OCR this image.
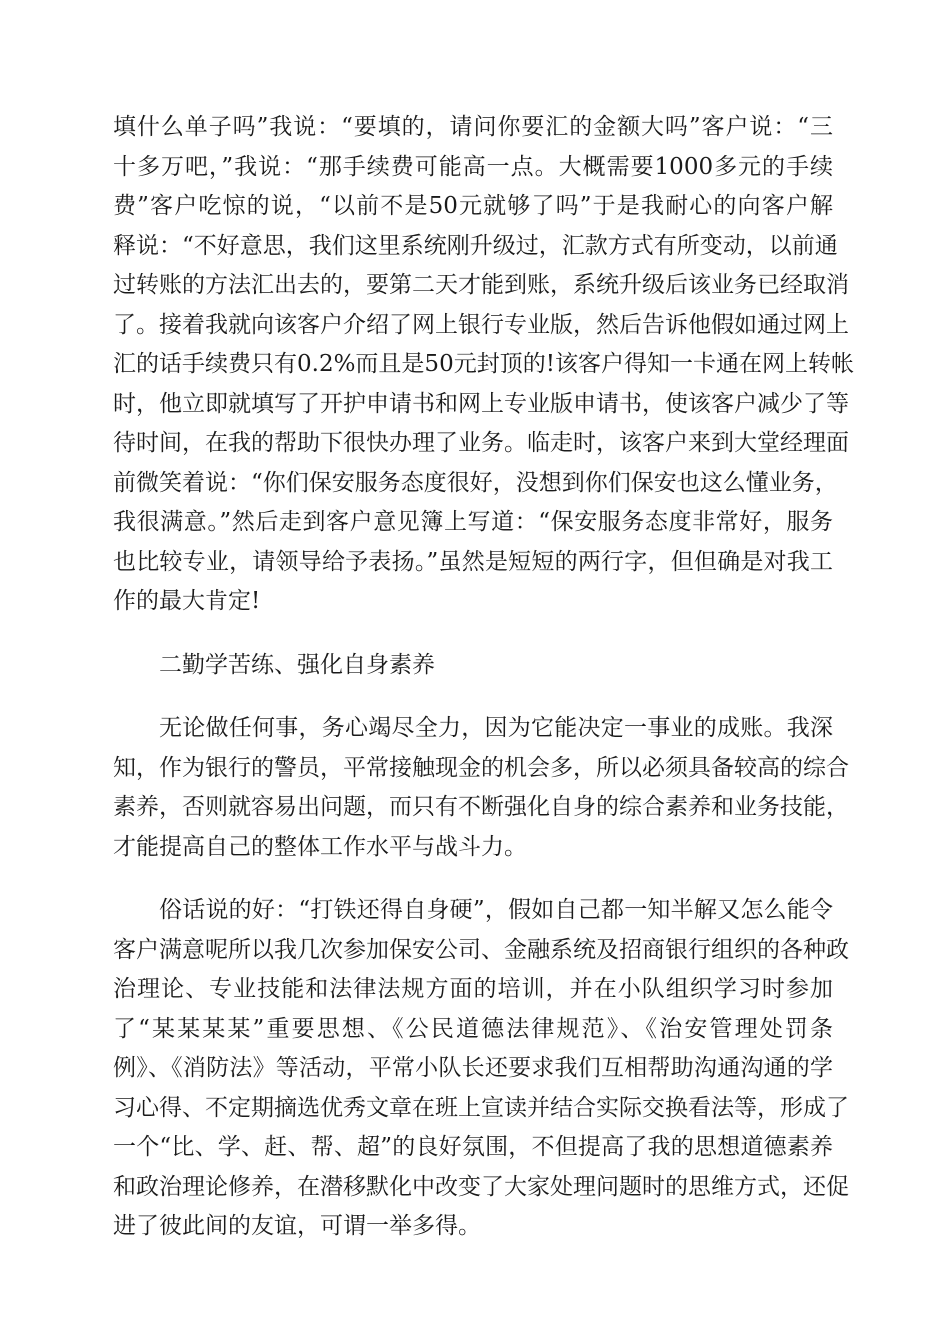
填什么单子吗”我说：“要填的，请问你要汇的金额大吗”客户说：“三
十多万吧，”我说：“那手续费可能高一点。大概需要1000多元的手续
费”客户吃惊的说，“以前不是50元就够了吗”于是我耐心的向客户解
释说：“不好意思，我们这里系统刚升级过，汇款方式有所变动，以前通
过转账的方法汇出去的，要第二天才能到账，系统升级后该业务已经取消
了。接着我就向该客户介绍了网上银行专业版，然后告诉他假如通过网上
汇的话手续费只有0.2%而且是50元封顶的!该客户得知一卡通在网上转帐
时，他立即就填写了开护申请书和网上专业版申请书，使该客户减少了等
待时间，在我的帮助下很快办理了业务。临走时，该客户来到大堂经理面
前微笑着说：“你们保安服务态度很好，没想到你们保安也这么懂业务，
我很满意。”然后走到客户意见簿上写道：“保安服务态度非常好，服务
也比较专业，请领导给予表扬。”虽然是短短的两行字，但但确是对我工
作的最大肯定!
二勤学苦练、强化自身素养
无论做任何事，务心竭尽全力，因为它能决定一事业的成账。我深
知，作为银行的警员，平常接触现金的机会多，所以必须具备较高的综合
素养，否则就容易出问题，而只有不断强化自身的综合素养和业务技能，
才能提高自己的整体工作水平与战斗力。
俗话说的好：“打铁还得自身硬”，假如自己都一知半解又怎么能令
客户满意呢所以我几次参加保安公司、金融系统及招商银行组织的各种政
治理论、专业技能和法律法规方面的培训，并在小队组织学习时参加
了“某某某某”重要思想、《公民道德法律规范》、《治安管理处罚条
例》、《消防法》等活动，平常小队长还要求我们互相帮助沟通沟通的学
习心得、不定期摘选优秀文章在班上宣读并结合实际交换看法等，形成了
一个“比、学、赶、帮、超”的良好氛围，不但提高了我的思想道德素养
和政治理论修养，在潜移默化中改变了大家处理问题时的思维方式，还促
进了彼此间的友谊，可谓一举多得。
